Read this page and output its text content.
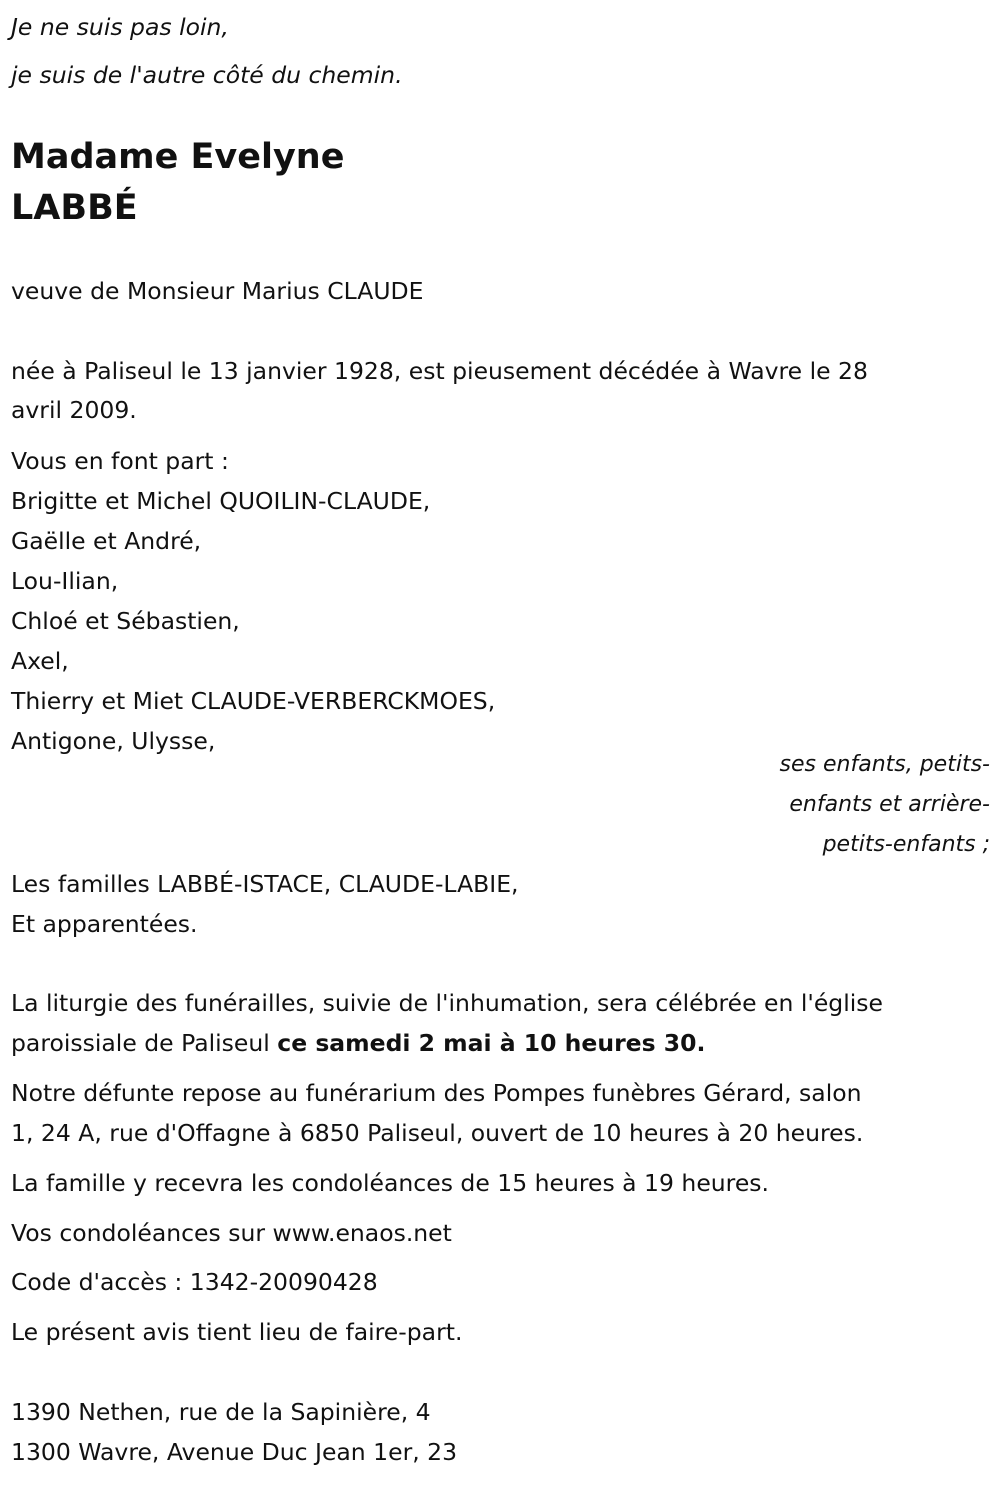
Je ne suis pas loin,
je suis de l'autre côté du chemin.
Madame Evelyne
LABBÉ
veuve de Monsieur Marius CLAUDE
née à Paliseul le 13 janvier 1928, est pieusement décédée à Wavre le 28
avril 2009.
Vous en font part :
Brigitte et Michel QUOILIN-CLAUDE,
Gaëlle et André,
Lou-Ilian,
Chloé et Sébastien,
Axel,
Thierry et Miet CLAUDE-VERBERCKMOES,
Antigone, Ulysse,
ses enfants, petits-
enfants et arrière-
petits-enfants ;
Les familles LABBÉ-ISTACE, CLAUDE-LABIE,
Et apparentées.
La liturgie des funérailles, suivie de l'inhumation, sera célébrée en l'église
paroissiale de Paliseul ce samedi 2 mai à 10 heures 30.
Notre défunte repose au funérarium des Pompes funèbres Gérard, salon
1, 24 A, rue d'Offagne à 6850 Paliseul, ouvert de 10 heures à 20 heures.
La famille y recevra les condoléances de 15 heures à 19 heures.
Vos condoléances sur www.enaos.net
Code d'accès : 1342-20090428
Le présent avis tient lieu de faire-part.
1390 Nethen, rue de la Sapinière, 4
1300 Wavre, Avenue Duc Jean 1er, 23
